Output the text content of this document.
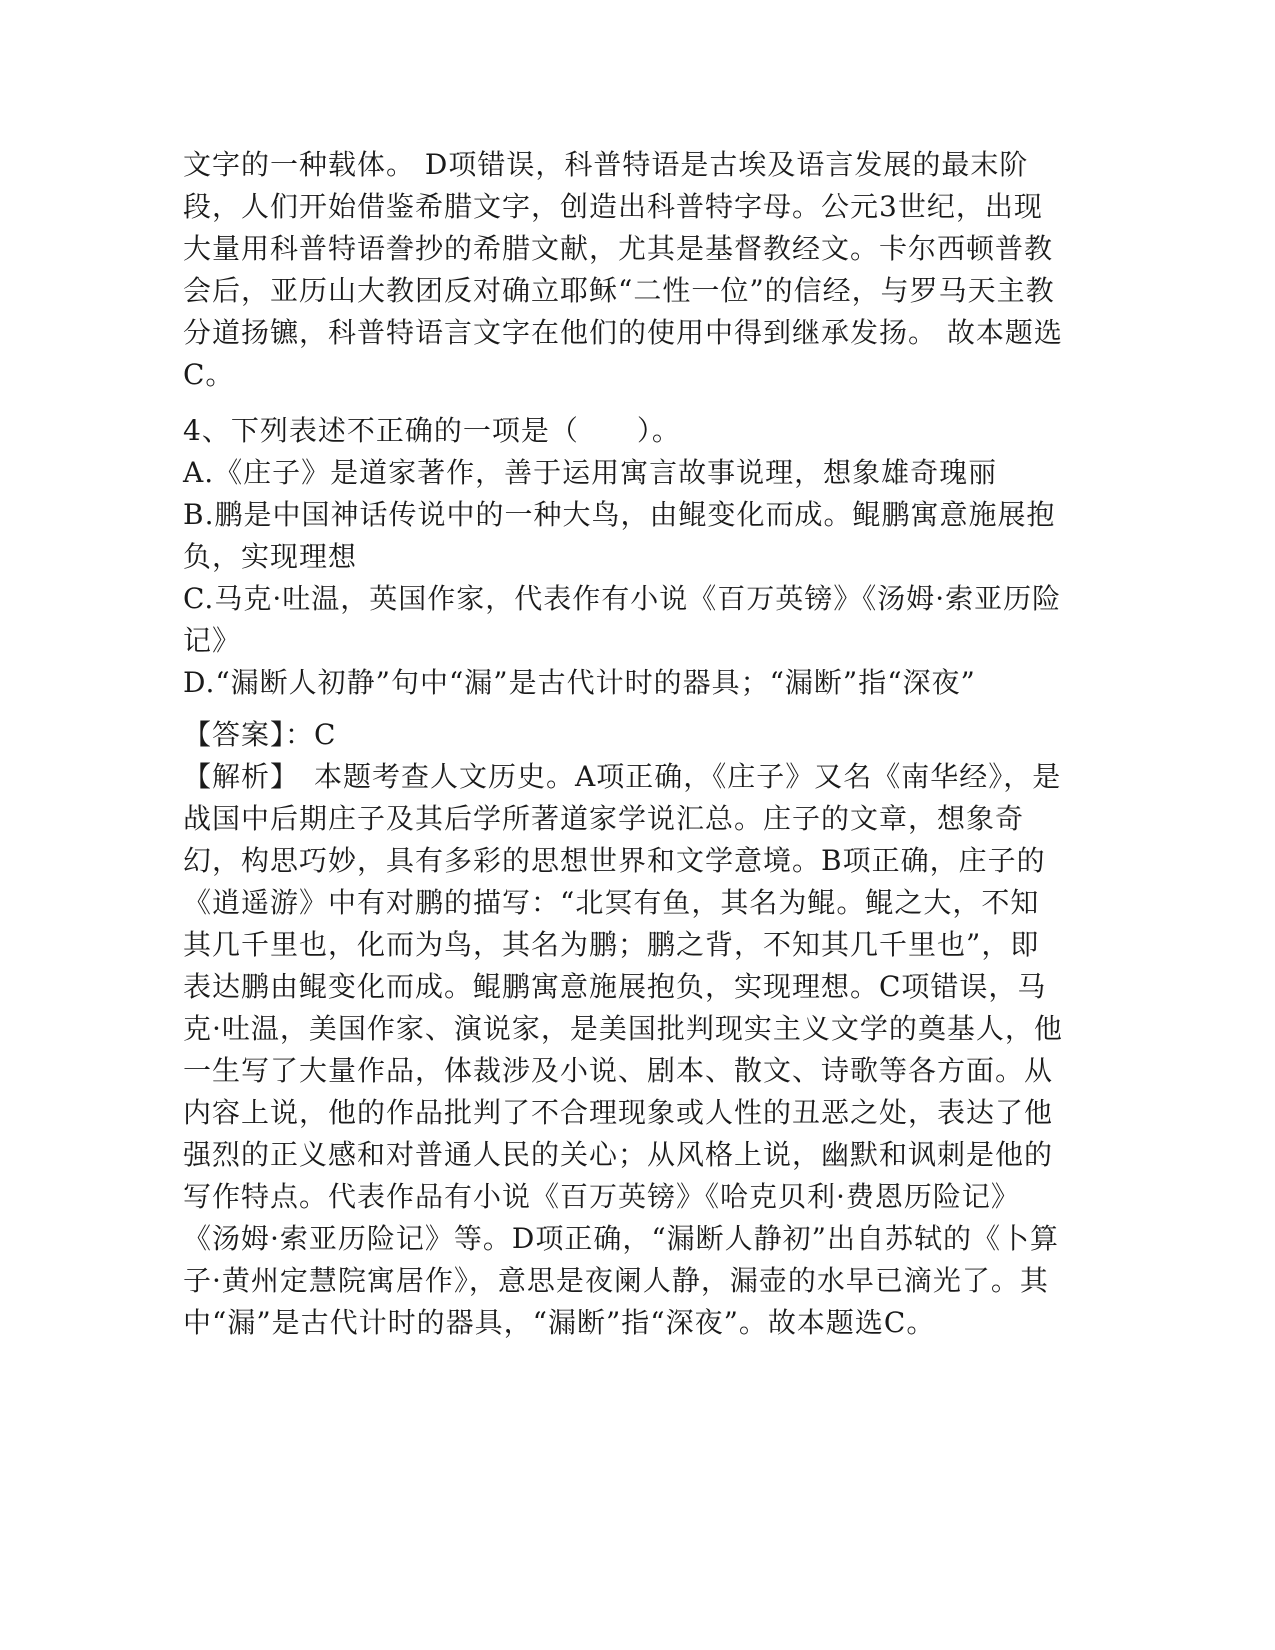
文字的一种载体。 D项错误，科普特语是古埃及语言发展的最末阶段，人们开始借鉴希腊文字，创造出科普特字母。公元3世纪，出现大量用科普特语誊抄的希腊文献，尤其是基督教经文。卡尔西顿普教会后，亚历山大教团反对确立耶稣“二性一位”的信经，与罗马天主教分道扬镳，科普特语言文字在他们的使用中得到继承发扬。 故本题选C。

4、下列表述不正确的一项是（　　）。

A.《庄子》是道家著作，善于运用寓言故事说理，想象雄奇瑰丽

B.鹏是中国神话传说中的一种大鸟，由鲲变化而成。鲲鹏寓意施展抱负，实现理想

C.马克·吐温，英国作家，代表作有小说《百万英镑》《汤姆·索亚历险记》

D.“漏断人初静”句中“漏”是古代计时的器具；“漏断”指“深夜”

【答案】：C

【解析】　本题考查人文历史。A项正确，《庄子》又名《南华经》，是战国中后期庄子及其后学所著道家学说汇总。庄子的文章，想象奇幻，构思巧妙，具有多彩的思想世界和文学意境。B项正确，庄子的《逍遥游》中有对鹏的描写：“北冥有鱼，其名为鲲。鲲之大，不知其几千里也，化而为鸟，其名为鹏；鹏之背，不知其几千里也”，即表达鹏由鲲变化而成。鲲鹏寓意施展抱负，实现理想。C项错误，马克·吐温，美国作家、演说家，是美国批判现实主义文学的奠基人，他一生写了大量作品，体裁涉及小说、剧本、散文、诗歌等各方面。从内容上说，他的作品批判了不合理现象或人性的丑恶之处，表达了他强烈的正义感和对普通人民的关心；从风格上说，幽默和讽刺是他的写作特点。代表作品有小说《百万英镑》《哈克贝利·费恩历险记》《汤姆·索亚历险记》等。D项正确，“漏断人静初”出自苏轼的《卜算子·黄州定慧院寓居作》，意思是夜阑人静，漏壶的水早已滴光了。其中“漏”是古代计时的器具，“漏断”指“深夜”。故本题选C。
